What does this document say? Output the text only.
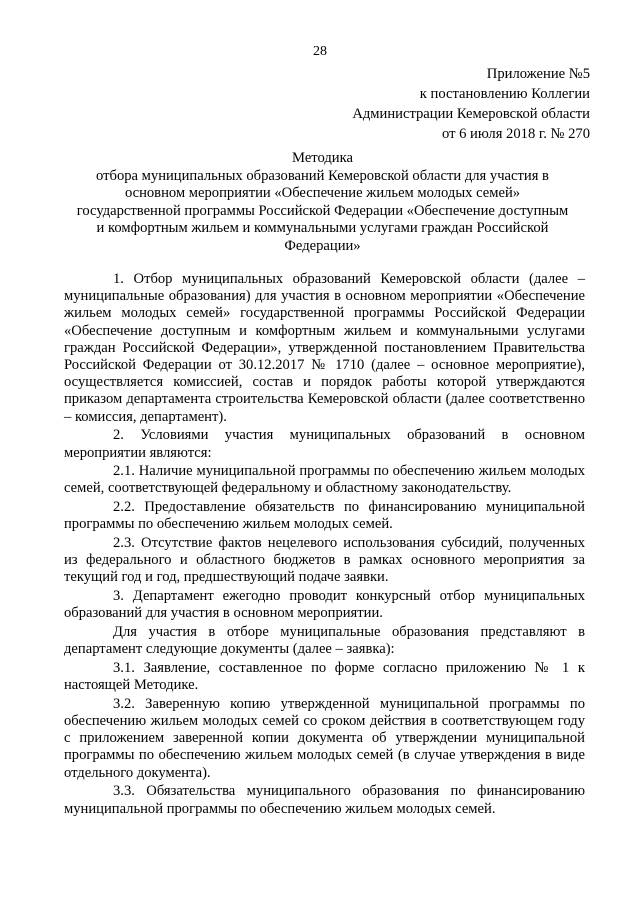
28
Приложение №5
к постановлению Коллегии
Администрации Кемеровской области
от 6 июля 2018 г. № 270
Методика
отбора муниципальных образований Кемеровской области для участия в
основном мероприятии «Обеспечение жильем молодых семей»
государственной программы Российской Федерации «Обеспечение доступным
и комфортным жильем и коммунальными услугами граждан Российской
Федерации»

1. Отбор муниципальных образований Кемеровской области (далее – муниципальные образования) для участия в основном мероприятии «Обеспечение жильем молодых семей» государственной программы Российской Федерации «Обеспечение доступным и комфортным жильем и коммунальными услугами граждан Российской Федерации», утвержденной постановлением Правительства Российской Федерации от 30.12.2017 № 1710 (далее – основное мероприятие), осуществляется комиссией, состав и порядок работы которой утверждаются приказом департамента строительства Кемеровской области (далее соответственно – комиссия, департамент).

2. Условиями участия муниципальных образований в основном мероприятии являются:

2.1. Наличие муниципальной программы по обеспечению жильем молодых семей, соответствующей федеральному и областному законодательству.

2.2. Предоставление обязательств по финансированию муниципальной программы по обеспечению жильем молодых семей.

2.3. Отсутствие фактов нецелевого использования субсидий, полученных из федерального и областного бюджетов в рамках основного мероприятия за текущий год и год, предшествующий подаче заявки.

3. Департамент ежегодно проводит конкурсный отбор муниципальных образований для участия в основном мероприятии.

Для участия в отборе муниципальные образования представляют в департамент следующие документы (далее – заявка):

3.1. Заявление, составленное по форме согласно приложению № 1 к настоящей Методике.

3.2. Заверенную копию утвержденной муниципальной программы по обеспечению жильем молодых семей со сроком действия в соответствующем году с приложением заверенной копии документа об утверждении муниципальной программы по обеспечению жильем молодых семей (в случае утверждения в виде отдельного документа).

3.3. Обязательства муниципального образования по финансированию муниципальной программы по обеспечению жильем молодых семей.
